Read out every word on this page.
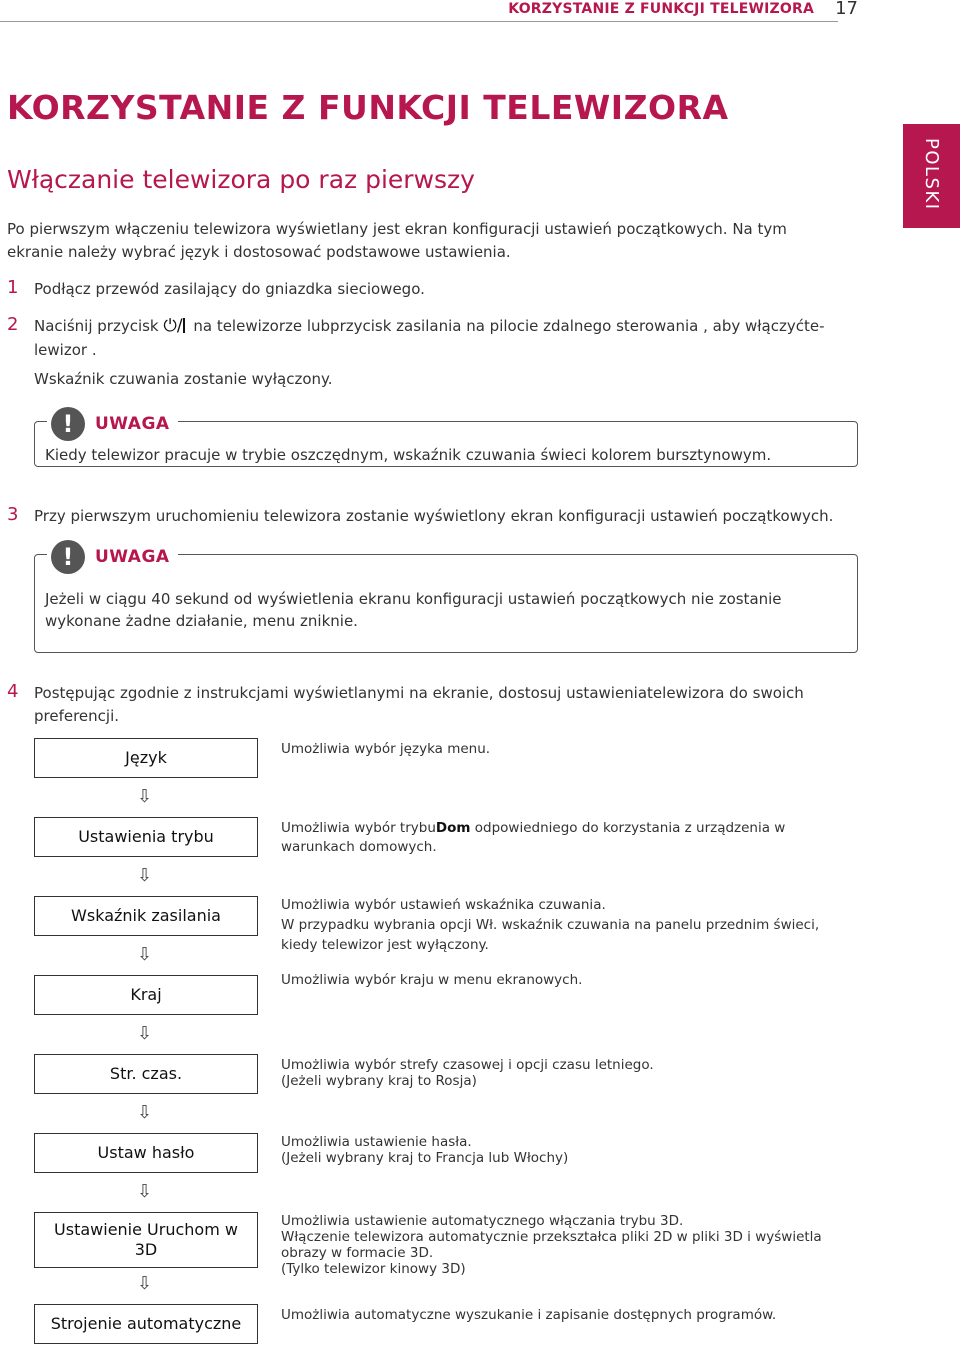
KORZYSTANIE Z FUNKCJI TELEWIZORA 17
POLSKI
KORZYSTANIE Z FUNKCJI TELEWIZORA
Włączanie telewizora po raz pierwszy
Po pierwszym włączeniu telewizora wyświetlany jest ekran konfiguracji ustawień początkowych. Na tym ekranie należy wybrać język i dostosować podstawowe ustawienia.
1 Podłącz przewód zasilający do gniazdka sieciowego.
2 Naciśnij przycisk ⏻/ na telewizorze lubprzycisk zasilania na pilocie zdalnego sterowania , aby włączyćte-
lewizor .
Wskaźnik czuwania zostanie wyłączony.
!	UWAGA
Kiedy telewizor pracuje w trybie oszczędnym, wskaźnik czuwania świeci kolorem bursztynowym.
3 Przy pierwszym uruchomieniu telewizora zostanie wyświetlony ekran konfiguracji ustawień początkowych.
!	UWAGA
Jeżeli w ciągu 40 sekund od wyświetlenia ekranu konfiguracji ustawień początkowych nie zostanie wykonane żadne działanie, menu zniknie.
4 Postępując zgodnie z instrukcjami wyświetlanymi na ekranie, dostosuj ustawieniatelewizora do swoich preferencji.
Język	Umożliwia wybór języka menu.
⇩
Ustawienia trybu	Umożliwia wybór trybuDom odpowiedniego do korzystania z urządzenia w warunkach domowych.
⇩
Wskaźnik zasilania
Umożliwia wybór ustawień wskaźnika czuwania.
W przypadku wybrania opcji Wł. wskaźnik czuwania na panelu przednim świeci, kiedy telewizor jest wyłączony.
⇩
Kraj
Umożliwia wybór kraju w menu ekranowych.
⇩
Str. czas.	Umożliwia wybór strefy czasowej i opcji czasu letniego.
(Jeżeli wybrany kraj to Rosja)
⇩
Ustaw hasło
Umożliwia ustawienie hasła.
(Jeżeli wybrany kraj to Francja lub Włochy)
⇩
Ustawienie Uruchom w 3D
Umożliwia ustawienie automatycznego włączania trybu 3D.
Włączenie telewizora automatycznie przekształca pliki 2D w pliki 3D i wyświetla obrazy w formacie 3D.
(Tylko telewizor kinowy 3D)
⇩
Strojenie automatyczne	Umożliwia automatyczne wyszukanie i zapisanie dostępnych programów.
